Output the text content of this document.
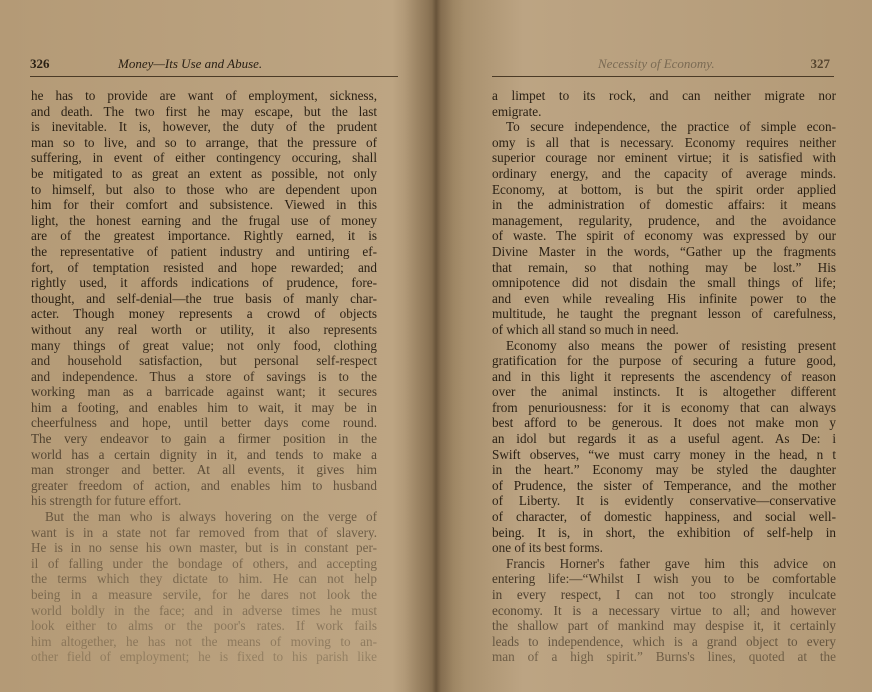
326	Money—Its Use and Abuse.
he has to provide are want of employment, sickness,
and death. The two first he may escape, but the last
is inevitable. It is, however, the duty of the prudent
man so to live, and so to arrange, that the pressure of
suffering, in event of either contingency occuring, shall
be mitigated to as great an extent as possible, not only
to himself, but also to those who are dependent upon
him for their comfort and subsistence. Viewed in this
light, the honest earning and the frugal use of money
are of the greatest importance. Rightly earned, it is
the representative of patient industry and untiring ef-
fort, of temptation resisted and hope rewarded; and
rightly used, it affords indications of prudence, fore-
thought, and self-denial—the true basis of manly char-
acter. Though money represents a crowd of objects
without any real worth or utility, it also represents
many things of great value; not only food, clothing
and household satisfaction, but personal self-respect
and independence. Thus a store of savings is to the
working man as a barricade against want; it secures
him a footing, and enables him to wait, it may be in
cheerfulness and hope, until better days come round.
The very endeavor to gain a firmer position in the
world has a certain dignity in it, and tends to make a
man stronger and better. At all events, it gives him
greater freedom of action, and enables him to husband
his strength for future effort.
But the man who is always hovering on the verge of
want is in a state not far removed from that of slavery.
He is in no sense his own master, but is in constant per-
il of falling under the bondage of others, and accepting
the terms which they dictate to him. He can not help
being in a measure servile, for he dares not look the
world boldly in the face; and in adverse times he must
look either to alms or the poor's rates. If work fails
him altogether, he has not the means of moving to an-
other field of employment; he is fixed to his parish like
Necessity of Economy.	327
a limpet to its rock, and can neither migrate nor
emigrate.
To secure independence, the practice of simple econ-
omy is all that is necessary. Economy requires neither
superior courage nor eminent virtue; it is satisfied with
ordinary energy, and the capacity of average minds.
Economy, at bottom, is but the spirit order applied
in the administration of domestic affairs: it means
management, regularity, prudence, and the avoidance
of waste. The spirit of economy was expressed by our
Divine Master in the words, “Gather up the fragments
that remain, so that nothing may be lost.” His
omnipotence did not disdain the small things of life;
and even while revealing His infinite power to the
multitude, he taught the pregnant lesson of carefulness,
of which all stand so much in need.
Economy also means the power of resisting present
gratification for the purpose of securing a future good,
and in this light it represents the ascendency of reason
over the animal instincts. It is altogether different
from penuriousness: for it is economy that can always
best afford to be generous. It does not make mon y
an idol but regards it as a useful agent. As De: i
Swift observes, “we must carry money in the head, n t
in the heart.” Economy may be styled the daughter
of Prudence, the sister of Temperance, and the mother
of Liberty. It is evidently conservative—conservative
of character, of domestic happiness, and social well-
being. It is, in short, the exhibition of self-help in
one of its best forms.
Francis Horner's father gave him this advice on
entering life:—“Whilst I wish you to be comfortable
in every respect, I can not too strongly inculcate
economy. It is a necessary virtue to all; and however
the shallow part of mankind may despise it, it certainly
leads to independence, which is a grand object to every
man of a high spirit.” Burns's lines, quoted at the
